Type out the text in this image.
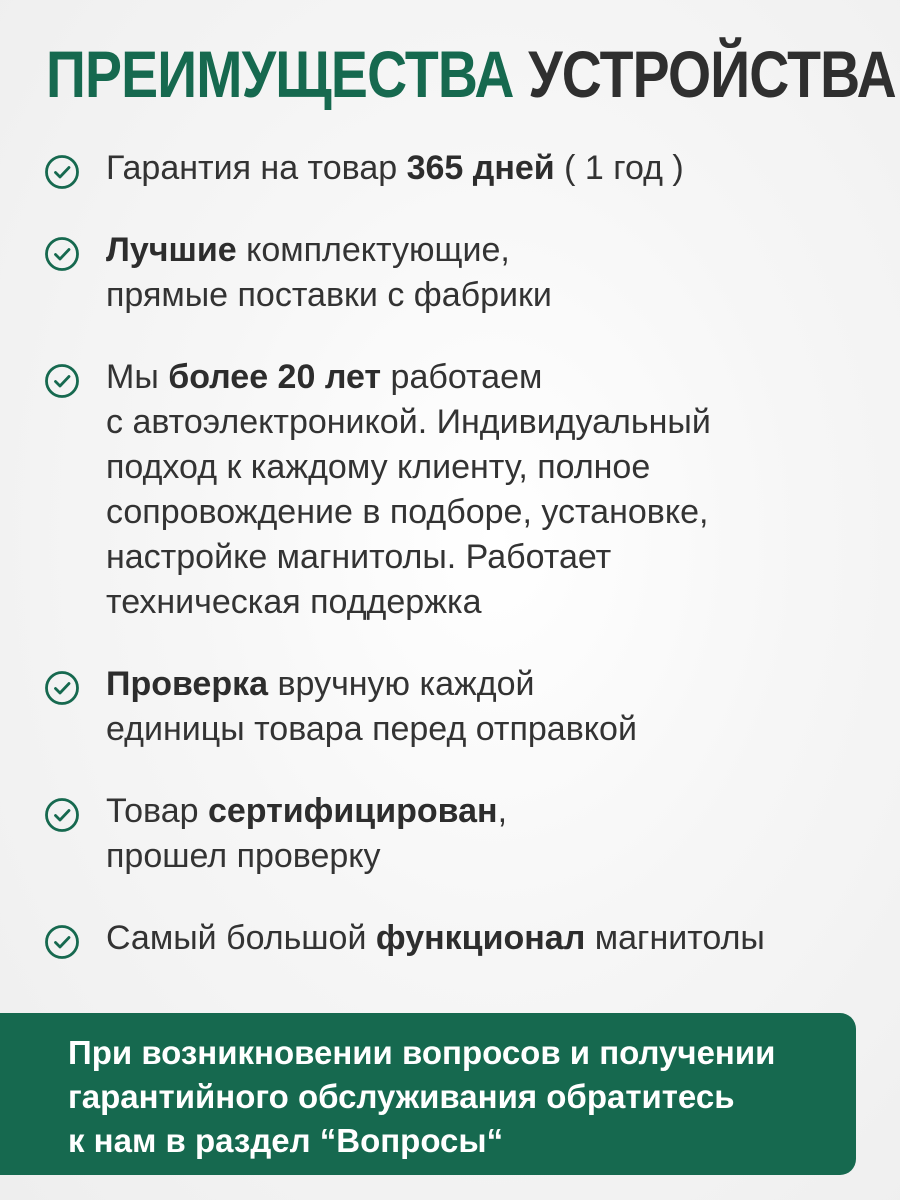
ПРЕИМУЩЕСТВА УСТРОЙСТВА
Гарантия на товар 365 дней ( 1 год )
Лучшие комплектующие,
прямые поставки с фабрики
Мы более 20 лет работаем
с автоэлектроникой. Индивидуальный
подход к каждому клиенту, полное
сопровождение в подборе, установке,
настройке магнитолы. Работает
техническая поддержка
Проверка вручную каждой
единицы товара перед отправкой
Товар сертифицирован,
прошел проверку
Самый большой функционал магнитолы
При возникновении вопросов и получении
гарантийного обслуживания обратитесь
к нам в раздел “Вопросы“
